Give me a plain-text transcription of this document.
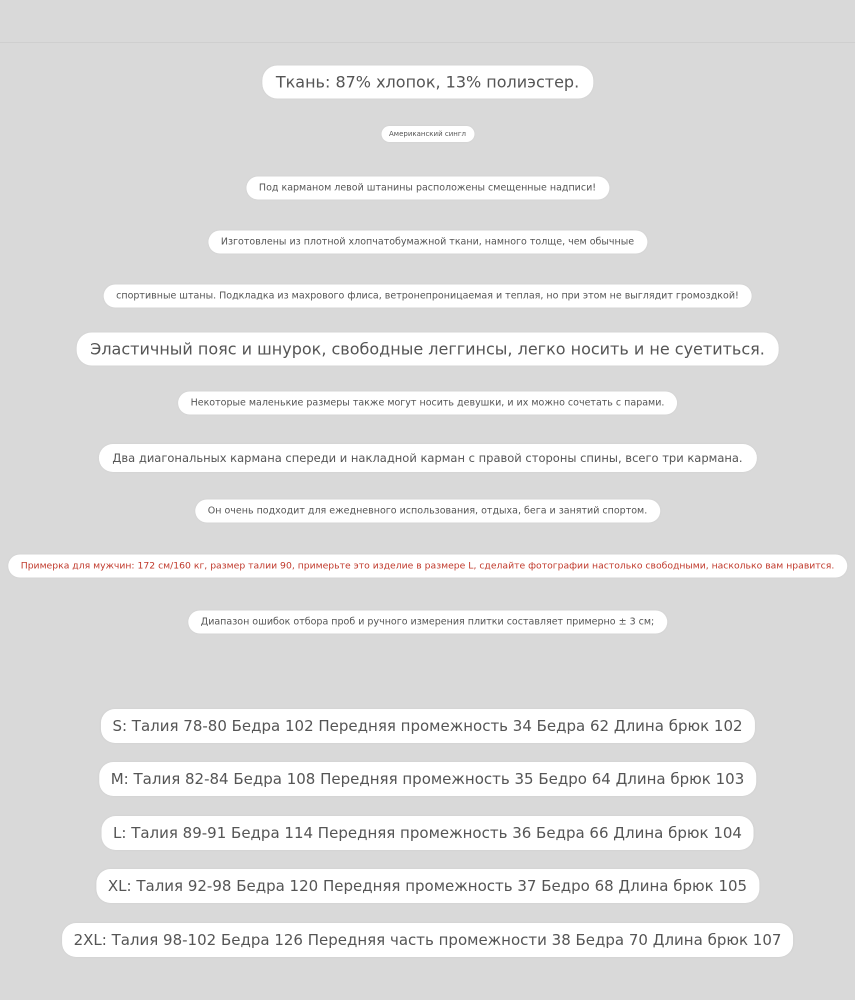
Ткань: 87% хлопок, 13% полиэстер.
Американский сингл
Под карманом левой штанины расположены смещенные надписи!
Изготовлены из плотной хлопчатобумажной ткани, намного толще, чем обычные
спортивные штаны. Подкладка из махрового флиса, ветронепроницаемая и теплая, но при этом не выглядит громоздкой!
Эластичный пояс и шнурок, свободные леггинсы, легко носить и не суетиться.
Некоторые маленькие размеры также могут носить девушки, и их можно сочетать с парами.
Два диагональных кармана спереди и накладной карман с правой стороны спины, всего три кармана.
Он очень подходит для ежедневного использования, отдыха, бега и занятий спортом.
Примерка для мужчин: 172 см/160 кг, размер талии 90, примерьте это изделие в размере L, сделайте фотографии настолько свободными, насколько вам нравится.
Диапазон ошибок отбора проб и ручного измерения плитки составляет примерно ± 3 см;
S: Талия 78-80 Бедра 102 Передняя промежность 34 Бедра 62 Длина брюк 102
M: Талия 82-84 Бедра 108 Передняя промежность 35 Бедро 64 Длина брюк 103
L: Талия 89-91 Бедра 114 Передняя промежность 36 Бедра 66 Длина брюк 104
XL: Талия 92-98 Бедра 120 Передняя промежность 37 Бедро 68 Длина брюк 105
2XL: Талия 98-102 Бедра 126 Передняя часть промежности 38 Бедра 70 Длина брюк 107
